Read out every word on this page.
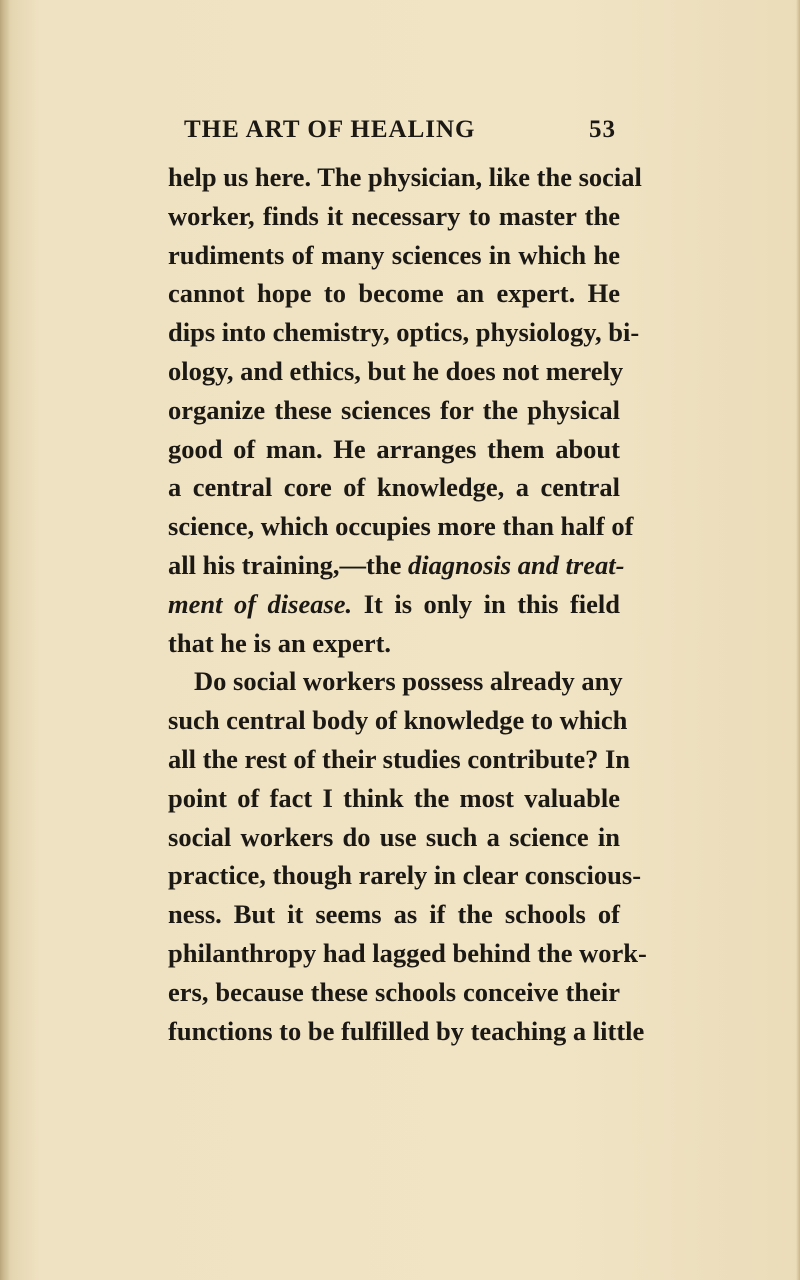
THE ART OF HEALING	53
help us here. The physician, like the social
worker, finds it necessary to master the
rudiments of many sciences in which he
cannot hope to become an expert. He
dips into chemistry, optics, physiology, bi-
ology, and ethics, but he does not merely
organize these sciences for the physical
good of man. He arranges them about
a central core of knowledge, a central
science, which occupies more than half of
all his training,—the diagnosis and treat-
ment of disease. It is only in this field
that he is an expert.
Do social workers possess already any
such central body of knowledge to which
all the rest of their studies contribute? In
point of fact I think the most valuable
social workers do use such a science in
practice, though rarely in clear conscious-
ness. But it seems as if the schools of
philanthropy had lagged behind the work-
ers, because these schools conceive their
functions to be fulfilled by teaching a little
